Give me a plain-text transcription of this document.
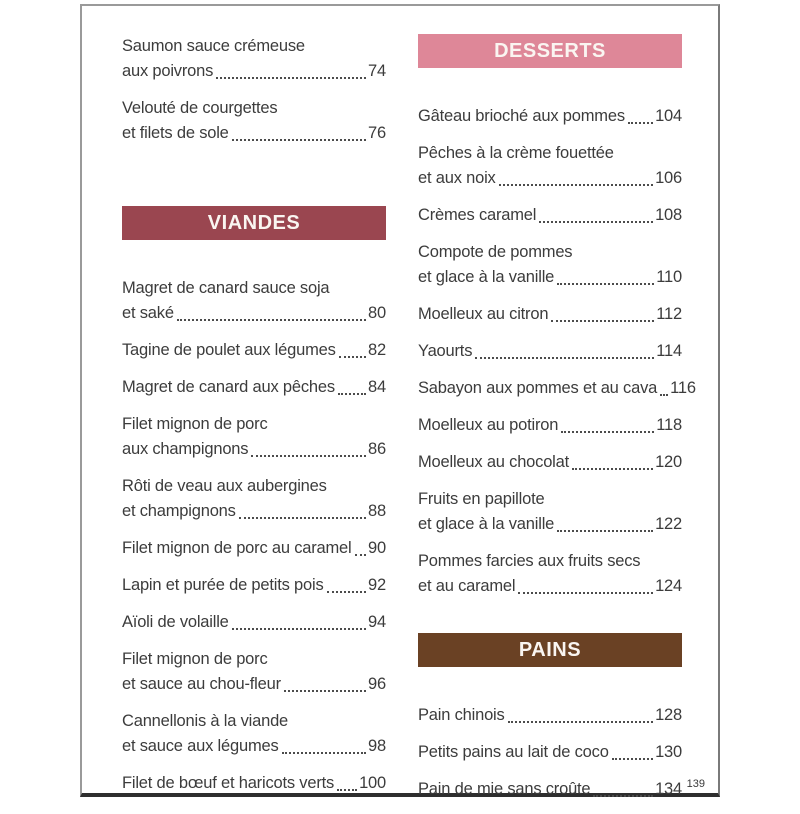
Saumon sauce crémeuse
aux poivrons	74
Velouté de courgettes
et filets de sole	76
VIANDES
Magret de canard sauce soja
et saké	80
Tagine de poulet aux légumes 82
Magret de canard aux pêches 84
Filet mignon de porc
aux champignons	86
Rôti de veau aux aubergines
et champignons	88
Filet mignon de porc au caramel 90
Lapin et purée de petits pois	92
Aïoli de volaille	94
Filet mignon de porc
et sauce au chou-fleur	96
Cannellonis à la viande
et sauce aux légumes	98
Filet de bœuf et haricots verts 100
DESSERTS
Gâteau brioché aux pommes 104
Pêches à la crème fouettée
et aux noix	106
Crèmes caramel	108
Compote de pommes
et glace à la vanille	110
Moelleux au citron	112
Yaourts	114
Sabayon aux pommes et au cava 116
Moelleux au potiron	118
Moelleux au chocolat	120
Fruits en papillote
et glace à la vanille	122
Pommes farcies aux fruits secs
et au caramel	124
PAINS
Pain chinois	128
Petits pains au lait de coco	130
Pain de mie sans croûte	134 139
